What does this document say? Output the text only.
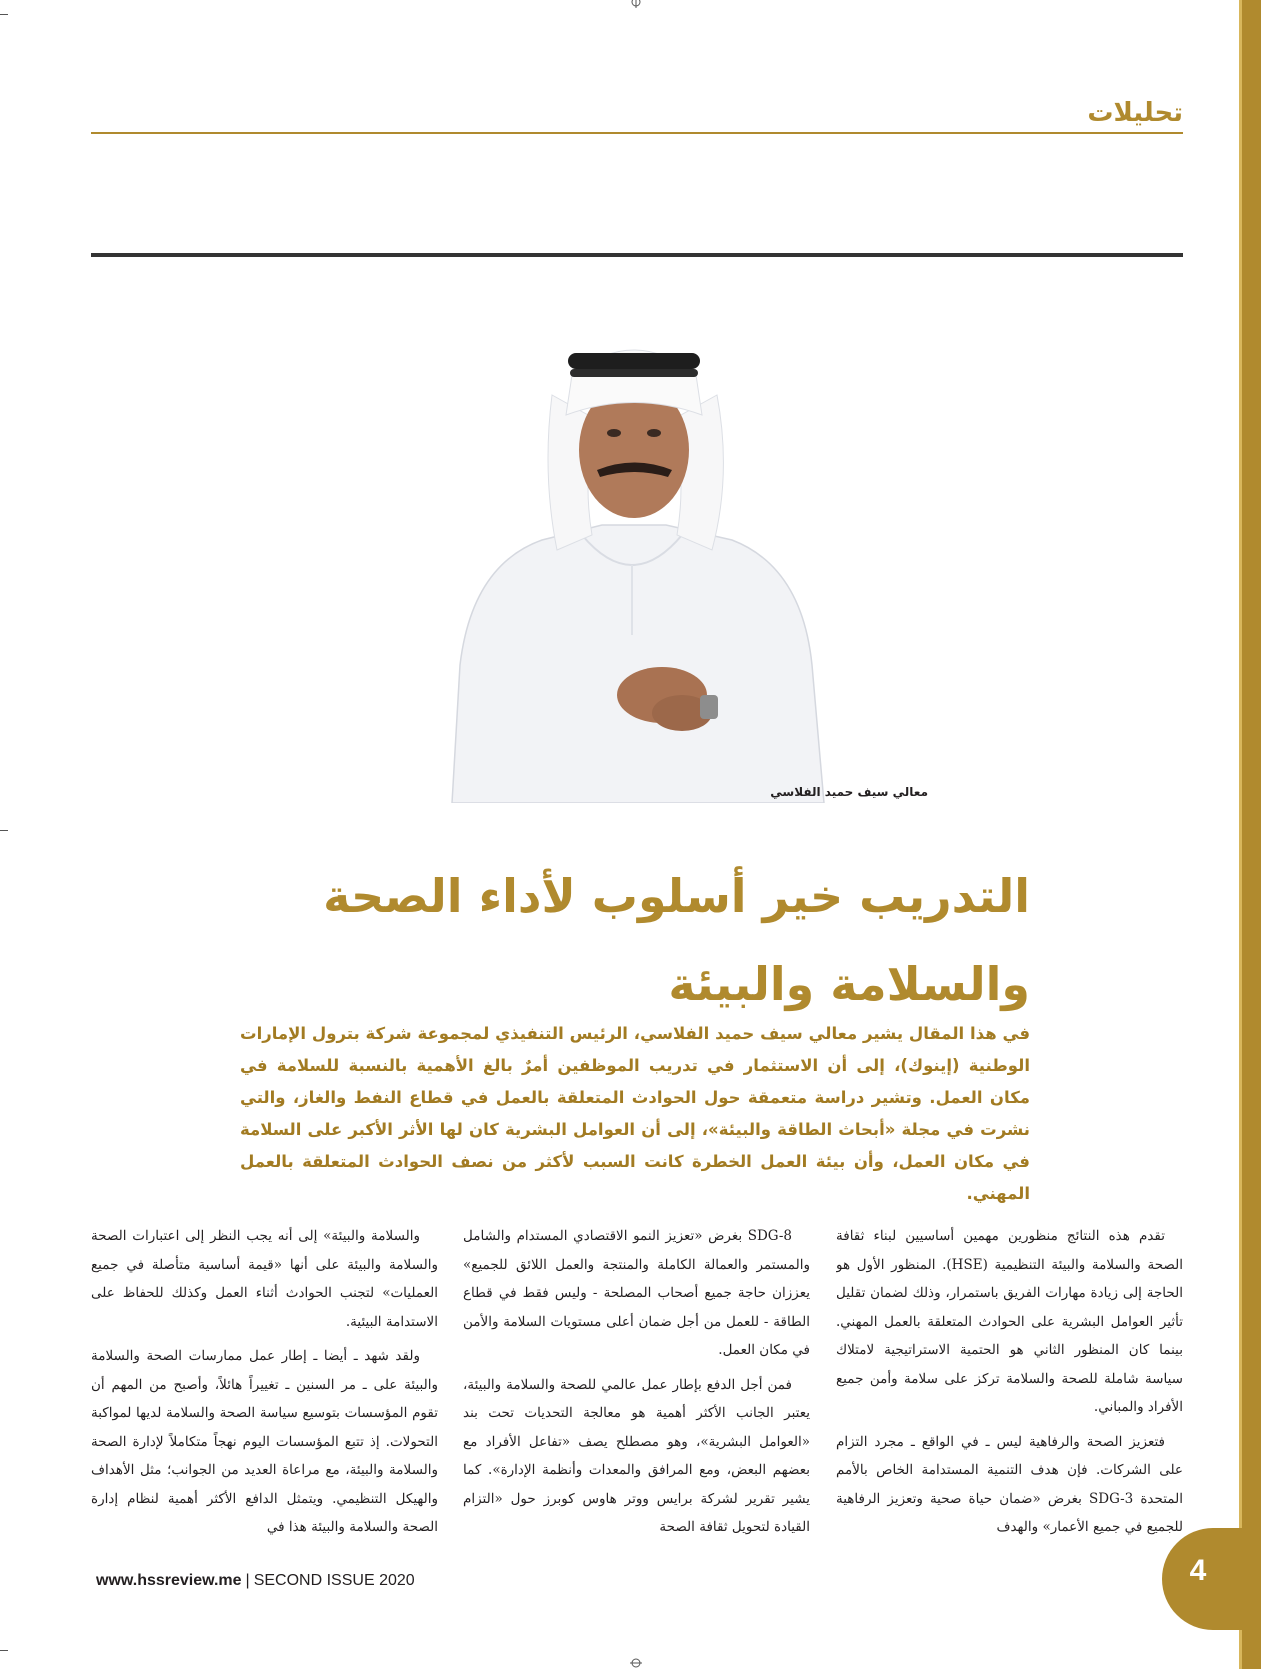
تحليلات
معالي سيف حميد الفلاسي
التدريب خير أسلوب لأداء الصحة
والسلامة والبيئة
في هذا المقال يشير معالي سيف حميد الفلاسي، الرئيس التنفيذي لمجموعة شركة بترول الإمارات الوطنية (إينوك)، إلى أن الاستثمار في تدريب الموظفين أمرٌ بالغ الأهمية بالنسبة للسلامة في مكان العمل. وتشير دراسة متعمقة حول الحوادث المتعلقة بالعمل في قطاع النفط والغاز، والتي نشرت في مجلة «أبحاث الطاقة والبيئة»، إلى أن العوامل البشرية كان لها الأثر الأكبر على السلامة في مكان العمل، وأن بيئة العمل الخطرة كانت السبب لأكثر من نصف الحوادث المتعلقة بالعمل المهني.

تقدم هذه النتائج منظورين مهمين أساسيين لبناء ثقافة الصحة والسلامة والبيئة التنظيمية (HSE). المنظور الأول هو الحاجة إلى زيادة مهارات الفريق باستمرار، وذلك لضمان تقليل تأثير العوامل البشرية على الحوادث المتعلقة بالعمل المهني. بينما كان المنظور الثاني هو الحتمية الاستراتيجية لامتلاك سياسة شاملة للصحة والسلامة تركز على سلامة وأمن جميع الأفراد والمباني.

فتعزيز الصحة والرفاهية ليس ـ في الواقع ـ مجرد التزام على الشركات. فإن هدف التنمية المستدامة الخاص بالأمم المتحدة SDG-3 بغرض «ضمان حياة صحية وتعزيز الرفاهية للجميع في جميع الأعمار» والهدف

SDG-8 بغرض «تعزيز النمو الاقتصادي المستدام والشامل والمستمر والعمالة الكاملة والمنتجة والعمل اللائق للجميع» يعززان حاجة جميع أصحاب المصلحة - وليس فقط في قطاع الطاقة - للعمل من أجل ضمان أعلى مستويات السلامة والأمن في مكان العمل.

فمن أجل الدفع بإطار عمل عالمي للصحة والسلامة والبيئة، يعتبر الجانب الأكثر أهمية هو معالجة التحديات تحت بند «العوامل البشرية»، وهو مصطلح يصف «تفاعل الأفراد مع بعضهم البعض، ومع المرافق والمعدات وأنظمة الإدارة». كما يشير تقرير لشركة برايس ووتر هاوس كوبرز حول «التزام القيادة لتحويل ثقافة الصحة

والسلامة والبيئة» إلى أنه يجب النظر إلى اعتبارات الصحة والسلامة والبيئة على أنها «قيمة أساسية متأصلة في جميع العمليات» لتجنب الحوادث أثناء العمل وكذلك للحفاظ على الاستدامة البيئية.

ولقد شهد ـ أيضا ـ إطار عمل ممارسات الصحة والسلامة والبيئة على ـ مر السنين ـ تغييراً هائلاً، وأصبح من المهم أن تقوم المؤسسات بتوسيع سياسة الصحة والسلامة لديها لمواكبة التحولات. إذ تتبع المؤسسات اليوم نهجاً متكاملاً لإدارة الصحة والسلامة والبيئة، مع مراعاة العديد من الجوانب؛ مثل الأهداف والهيكل التنظيمي. ويتمثل الدافع الأكثر أهمية لنظام إدارة الصحة والسلامة والبيئة هذا في

www.hssreview.me | SECOND ISSUE 2020	4
